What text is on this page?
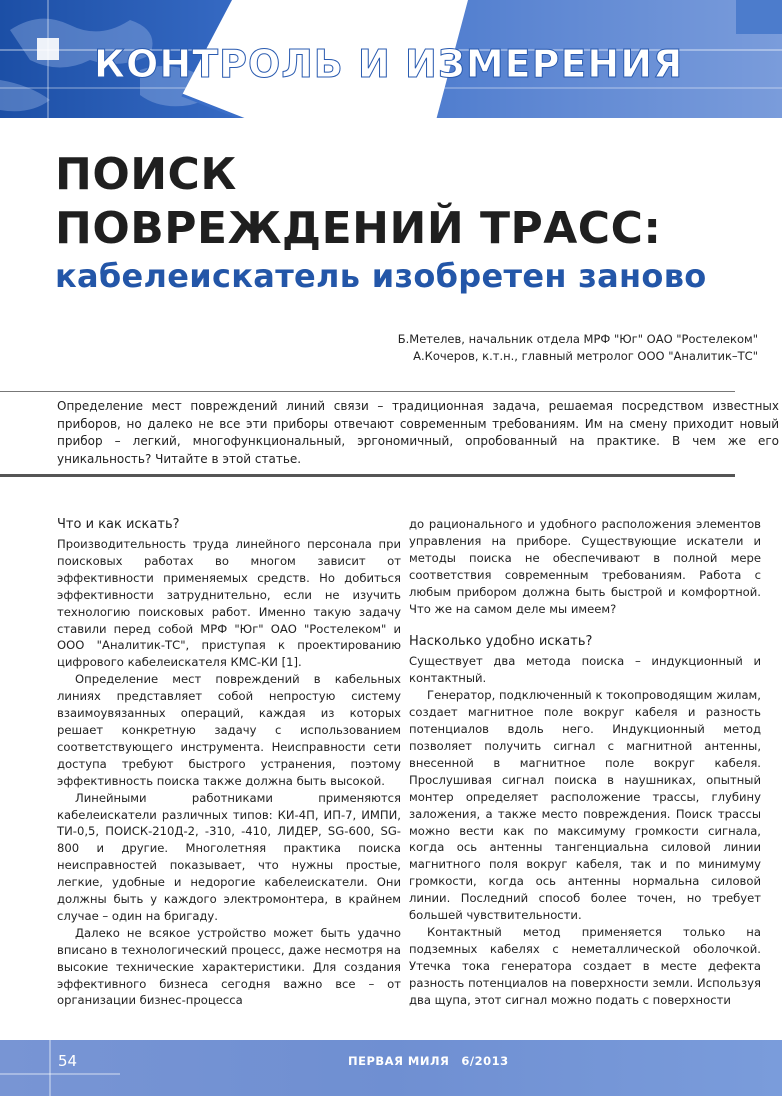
КОНТРОЛЬ И ИЗМЕРЕНИЯ
ПОИСК
ПОВРЕЖДЕНИЙ ТРАСС:
кабелеискатель изобретен заново
Б.Метелев, начальник отдела МРФ "Юг" ОАО "Ростелеком"
А.Кочеров, к.т.н., главный метролог ООО "Аналитик–ТС"
Определение мест повреждений линий связи – традиционная задача, решаемая посредством известных приборов, но далеко не все эти приборы отвечают современным требованиям. Им на смену приходит новый прибор – легкий, многофункциональный, эргономичный, опробованный на практике. В чем же его уникальность? Читайте в этой статье.
Что и как искать?

Производительность труда линейного персонала при поисковых работах во многом зависит от эффективности применяемых средств. Но добиться эффективности затруднительно, если не изучить технологию поисковых работ. Именно такую задачу ставили перед собой МРФ "Юг" ОАО "Ростелеком" и ООО "Аналитик-ТС", приступая к проектированию цифрового кабелеискателя КМС-КИ [1].

Определение мест повреждений в кабельных линиях представляет собой непростую систему взаимоувязанных операций, каждая из которых решает конкретную задачу с использованием соответствующего инструмента. Неисправности сети доступа требуют быстрого устранения, поэтому эффективность поиска также должна быть высокой.

Линейными работниками применяются кабелеискатели различных типов: КИ-4П, ИП-7, ИМПИ, ТИ-0,5, ПОИСК-210Д-2, -310, -410, ЛИДЕР, SG-600, SG-800 и другие. Многолетняя практика поиска неисправностей показывает, что нужны простые, легкие, удобные и недорогие кабелеискатели. Они должны быть у каждого электромонтера, в крайнем случае – один на бригаду.

Далеко не всякое устройство может быть удачно вписано в технологический процесс, даже несмотря на высокие технические характеристики. Для создания эффективного бизнеса сегодня важно все – от организации бизнес-процесса

до рационального и удобного расположения элементов управления на приборе. Существующие искатели и методы поиска не обеспечивают в полной мере соответствия современным требованиям. Работа с любым прибором должна быть быстрой и комфортной. Что же на самом деле мы имеем?

Насколько удобно искать?

Существует два метода поиска – индукционный и контактный.

Генератор, подключенный к токопроводящим жилам, создает магнитное поле вокруг кабеля и разность потенциалов вдоль него. Индукционный метод позволяет получить сигнал с магнитной антенны, внесенной в магнитное поле вокруг кабеля. Прослушивая сигнал поиска в наушниках, опытный монтер определяет расположение трассы, глубину заложения, а также место повреждения. Поиск трассы можно вести как по максимуму громкости сигнала, когда ось антенны тангенциальна силовой линии магнитного поля вокруг кабеля, так и по минимуму громкости, когда ось антенны нормальна силовой линии. Последний способ более точен, но требует большей чувствительности.

Контактный метод применяется только на подземных кабелях с неметаллической оболочкой. Утечка тока генератора создает в месте дефекта разность потенциалов на поверхности земли. Используя два щупа, этот сигнал можно подать с поверхности

54	ПЕРВАЯ МИЛЯ 6/2013
